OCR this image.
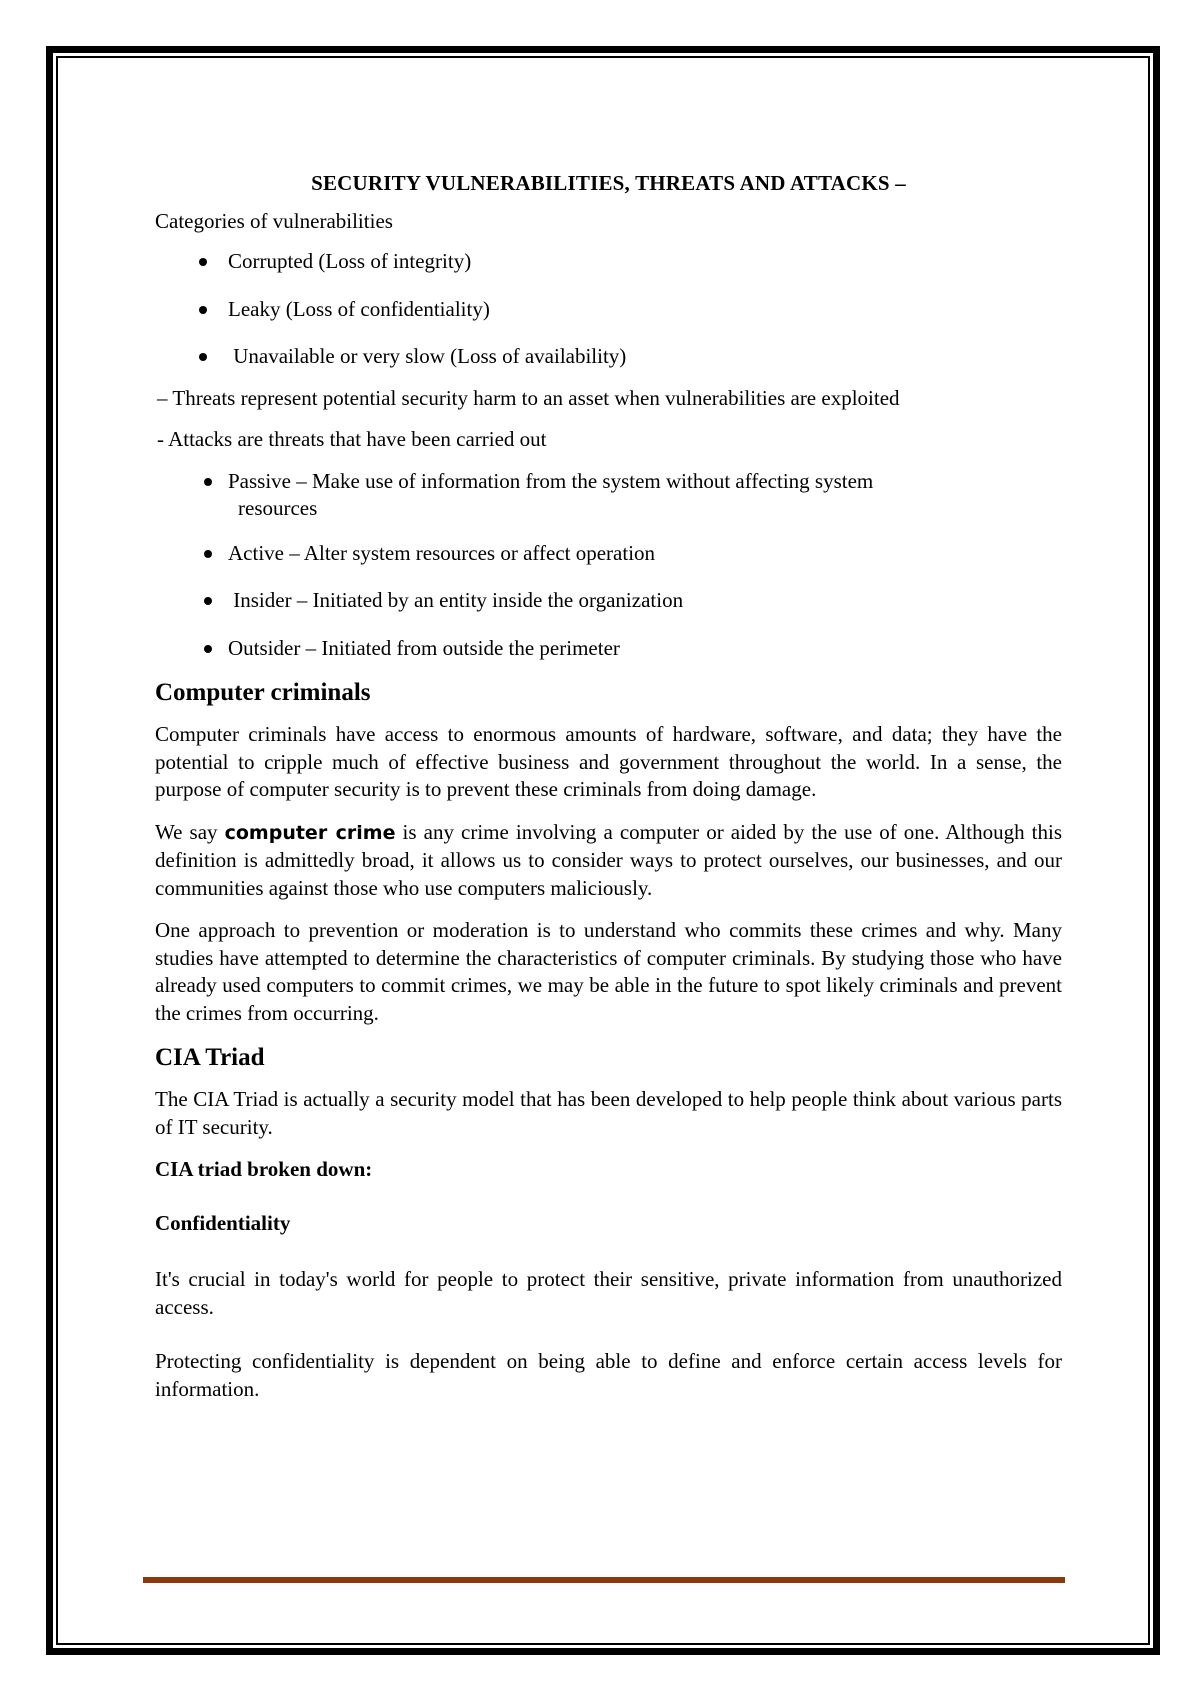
SECURITY VULNERABILITIES, THREATS AND ATTACKS –
Categories of vulnerabilities
Corrupted (Loss of integrity)
Leaky (Loss of confidentiality)
Unavailable or very slow (Loss of availability)
– Threats represent potential security harm to an asset when vulnerabilities are exploited
- Attacks are threats that have been carried out
Passive – Make use of information from the system without affecting system
resources
Active – Alter system resources or affect operation
Insider – Initiated by an entity inside the organization
Outsider – Initiated from outside the perimeter
Computer criminals

Computer criminals have access to enormous amounts of hardware, software, and data; they have the potential to cripple much of effective business and government throughout the world. In a sense, the purpose of computer security is to prevent these criminals from doing damage.

We say computer crime is any crime involving a computer or aided by the use of one. Although this definition is admittedly broad, it allows us to consider ways to protect ourselves, our businesses, and our communities against those who use computers maliciously.

One approach to prevention or moderation is to understand who commits these crimes and why. Many studies have attempted to determine the characteristics of computer criminals. By studying those who have already used computers to commit crimes, we may be able in the future to spot likely criminals and prevent the crimes from occurring.

CIA Triad

The CIA Triad is actually a security model that has been developed to help people think about various parts of IT security.

CIA triad broken down:
Confidentiality

It's crucial in today's world for people to protect their sensitive, private information from unauthorized access.

Protecting confidentiality is dependent on being able to define and enforce certain access levels for information.
